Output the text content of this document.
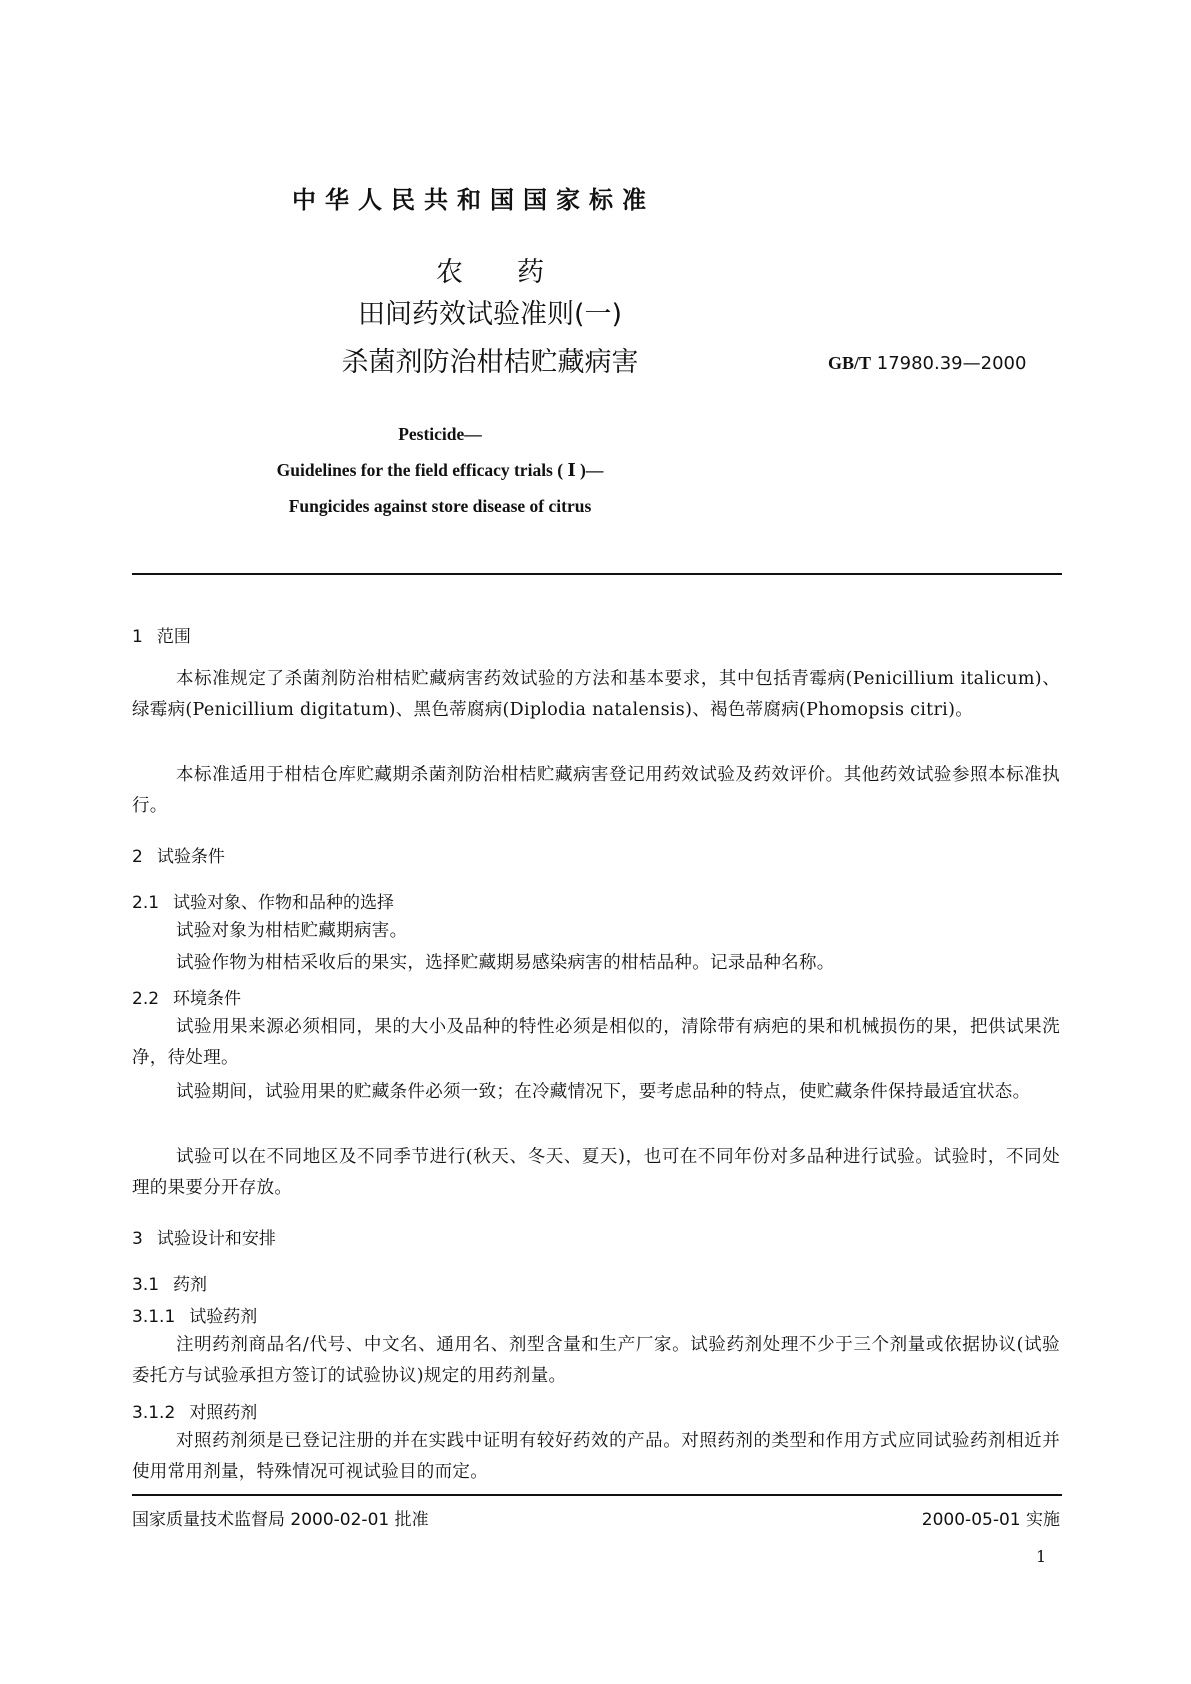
中华人民共和国国家标准
农　　药
田间药效试验准则(一)
杀菌剂防治柑桔贮藏病害	GB/T 17980.39—2000
Pesticide—
Guidelines for the field efficacy trials ( Ⅰ )—
Fungicides against store disease of citrus
1 范围

本标准规定了杀菌剂防治柑桔贮藏病害药效试验的方法和基本要求，其中包括青霉病(Penicillium italicum)、绿霉病(Penicillium digitatum)、黑色蒂腐病(Diplodia natalensis)、褐色蒂腐病(Phomopsis citri)。

本标准适用于柑桔仓库贮藏期杀菌剂防治柑桔贮藏病害登记用药效试验及药效评价。其他药效试验参照本标准执行。

2 试验条件
2.1 试验对象、作物和品种的选择

试验对象为柑桔贮藏期病害。

试验作物为柑桔采收后的果实，选择贮藏期易感染病害的柑桔品种。记录品种名称。

2.2 环境条件

试验用果来源必须相同，果的大小及品种的特性必须是相似的，清除带有病疤的果和机械损伤的果，把供试果洗净，待处理。

试验期间，试验用果的贮藏条件必须一致；在冷藏情况下，要考虑品种的特点，使贮藏条件保持最适宜状态。

试验可以在不同地区及不同季节进行(秋天、冬天、夏天)，也可在不同年份对多品种进行试验。试验时，不同处理的果要分开存放。

3 试验设计和安排
3.1 药剂
3.1.1 试验药剂

注明药剂商品名/代号、中文名、通用名、剂型含量和生产厂家。试验药剂处理不少于三个剂量或依据协议(试验委托方与试验承担方签订的试验协议)规定的用药剂量。

3.1.2 对照药剂

对照药剂须是已登记注册的并在实践中证明有较好药效的产品。对照药剂的类型和作用方式应同试验药剂相近并使用常用剂量，特殊情况可视试验目的而定。

国家质量技术监督局 2000-02-01 批准	2000-05-01 实施
1
